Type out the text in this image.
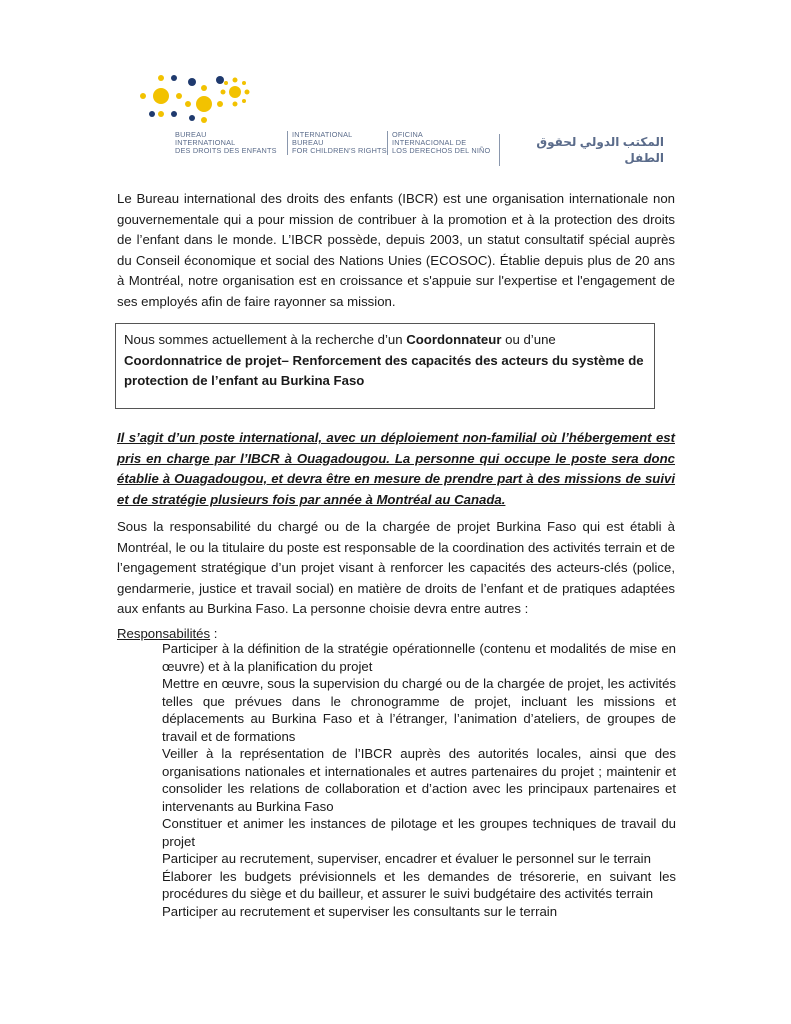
BUREAU
INTERNATIONAL
DES DROITS DES ENFANTS
INTERNATIONAL
BUREAU
FOR CHILDREN'S RIGHTS
OFICINA
INTERNACIONAL DE
LOS DERECHOS DEL NIÑO
المكتب الدولي لحقوق الطفل

Le Bureau international des droits des enfants (IBCR) est une organisation internationale non gouvernementale qui a pour mission de contribuer à la promotion et à la protection des droits de l’enfant dans le monde. L’IBCR possède, depuis 2003, un statut consultatif spécial auprès du Conseil économique et social des Nations Unies (ECOSOC). Établie depuis plus de 20 ans à Montréal, notre organisation est en croissance et s'appuie sur l'expertise et l'engagement de ses employés afin de faire rayonner sa mission.

Nous sommes actuellement à la recherche d’un Coordonnateur ou d’une Coordonnatrice de projet– Renforcement des capacités des acteurs du système de protection de l’enfant au Burkina Faso

Il s’agit d’un poste international, avec un déploiement non-familial où l’hébergement est pris en charge par l’IBCR à Ouagadougou. La personne qui occupe le poste sera donc établie à Ouagadougou, et devra être en mesure de prendre part à des missions de suivi et de stratégie plusieurs fois par année à Montréal au Canada.

Sous la responsabilité du chargé ou de la chargée de projet Burkina Faso qui est établi à Montréal, le ou la titulaire du poste est responsable de la coordination des activités terrain et de l’engagement stratégique d’un projet visant à renforcer les capacités des acteurs-clés (police, gendarmerie, justice et travail social) en matière de droits de l’enfant et de pratiques adaptées aux enfants au Burkina Faso. La personne choisie devra entre autres :

Responsabilités :

Participer à la définition de la stratégie opérationnelle (contenu et modalités de mise en œuvre) et à la planification du projet
Mettre en œuvre, sous la supervision du chargé ou de la chargée de projet, les activités telles que prévues dans le chronogramme de projet, incluant les missions et déplacements au Burkina Faso et à l’étranger, l’animation d’ateliers, de groupes de travail et de formations
Veiller à la représentation de l’IBCR auprès des autorités locales, ainsi que des organisations nationales et internationales et autres partenaires du projet ; maintenir et consolider les relations de collaboration et d’action avec les principaux partenaires et intervenants au Burkina Faso
Constituer et animer les instances de pilotage et les groupes techniques de travail du projet
Participer au recrutement, superviser, encadrer et évaluer le personnel sur le terrain
Élaborer les budgets prévisionnels et les demandes de trésorerie, en suivant les procédures du siège et du bailleur, et assurer le suivi budgétaire des activités terrain
Participer au recrutement et superviser les consultants sur le terrain
